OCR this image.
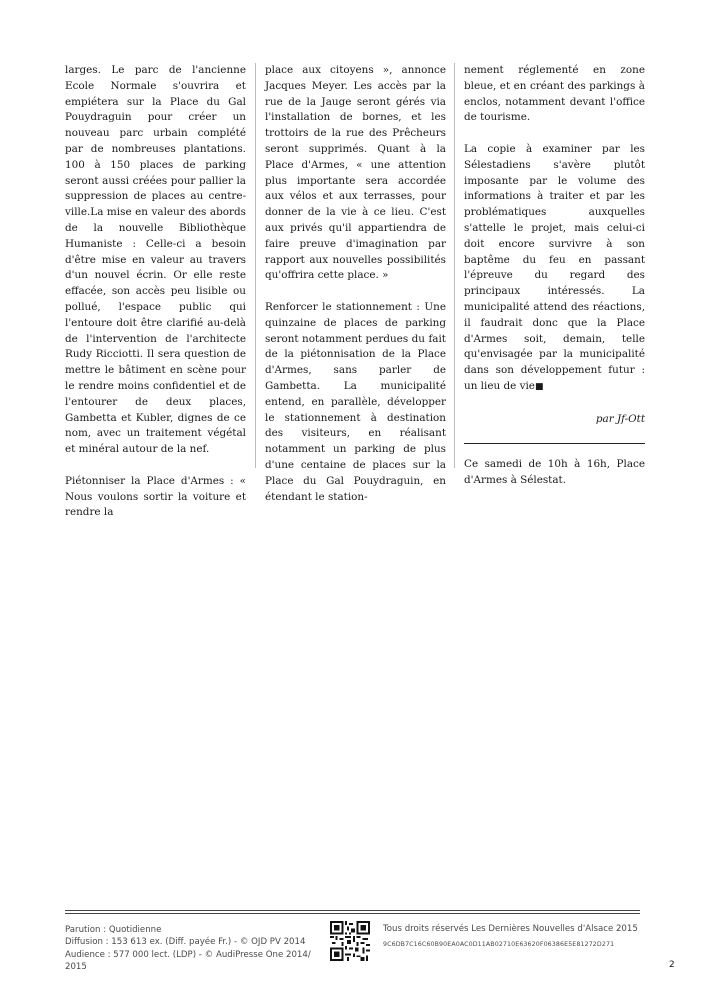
larges. Le parc de l'ancienne Ecole Normale s'ouvrira et empiétera sur la Place du Gal Pouydraguin pour créer un nouveau parc urbain complété par de nombreuses plantations. 100 à 150 places de parking seront aussi créées pour pallier la suppression de places au centre-ville.La mise en valeur des abords de la nouvelle Bibliothèque Humaniste : Celle-ci a besoin d'être mise en valeur au travers d'un nouvel écrin. Or elle reste effacée, son accès peu lisible ou pollué, l'espace public qui l'entoure doit être clarifié au-delà de l'intervention de l'architecte Rudy Ricciotti. Il sera question de mettre le bâtiment en scène pour le rendre moins confidentiel et de l'entourer de deux places, Gambetta et Kubler, dignes de ce nom, avec un traitement végétal et minéral autour de la nef.

Piétonniser la Place d'Armes : « Nous voulons sortir la voiture et rendre la

place aux citoyens », annonce Jacques Meyer. Les accès par la rue de la Jauge seront gérés via l'installation de bornes, et les trottoirs de la rue des Prêcheurs seront supprimés. Quant à la Place d'Armes, « une attention plus importante sera accordée aux vélos et aux terrasses, pour donner de la vie à ce lieu. C'est aux privés qu'il appartiendra de faire preuve d'imagination par rapport aux nouvelles possibilités qu'offrira cette place. »

Renforcer le stationnement : Une quinzaine de places de parking seront notamment perdues du fait de la piétonnisation de la Place d'Armes, sans parler de Gambetta. La municipalité entend, en parallèle, développer le stationnement à destination des visiteurs, en réalisant notamment un parking de plus d'une centaine de places sur la Place du Gal Pouydraguin, en étendant le station-

nement réglementé en zone bleue, et en créant des parkings à enclos, notamment devant l'office de tourisme.

La copie à examiner par les Sélestadiens s'avère plutôt imposante par le volume des informations à traiter et par les problématiques auxquelles s'attelle le projet, mais celui-ci doit encore survivre à son baptême du feu en passant l'épreuve du regard des principaux intéressés. La municipalité attend des réactions, il faudrait donc que la Place d'Armes soit, demain, telle qu'envisagée par la municipalité dans son développement futur : un lieu de vie■

par Jf-Ott

Ce samedi de 10h à 16h, Place d'Armes à Sélestat.

Parution : Quotidienne
Diffusion : 153 613 ex. (Diff. payée Fr.) - © OJD PV 2014
Audience : 577 000 lect. (LDP) - © AudiPresse One 2014/ 2015
Tous droits réservés Les Dernières Nouvelles d'Alsace 2015
9C6DB7C16C60B90EA0AC0D11AB02710E63620F06386E5E81272D271
2
